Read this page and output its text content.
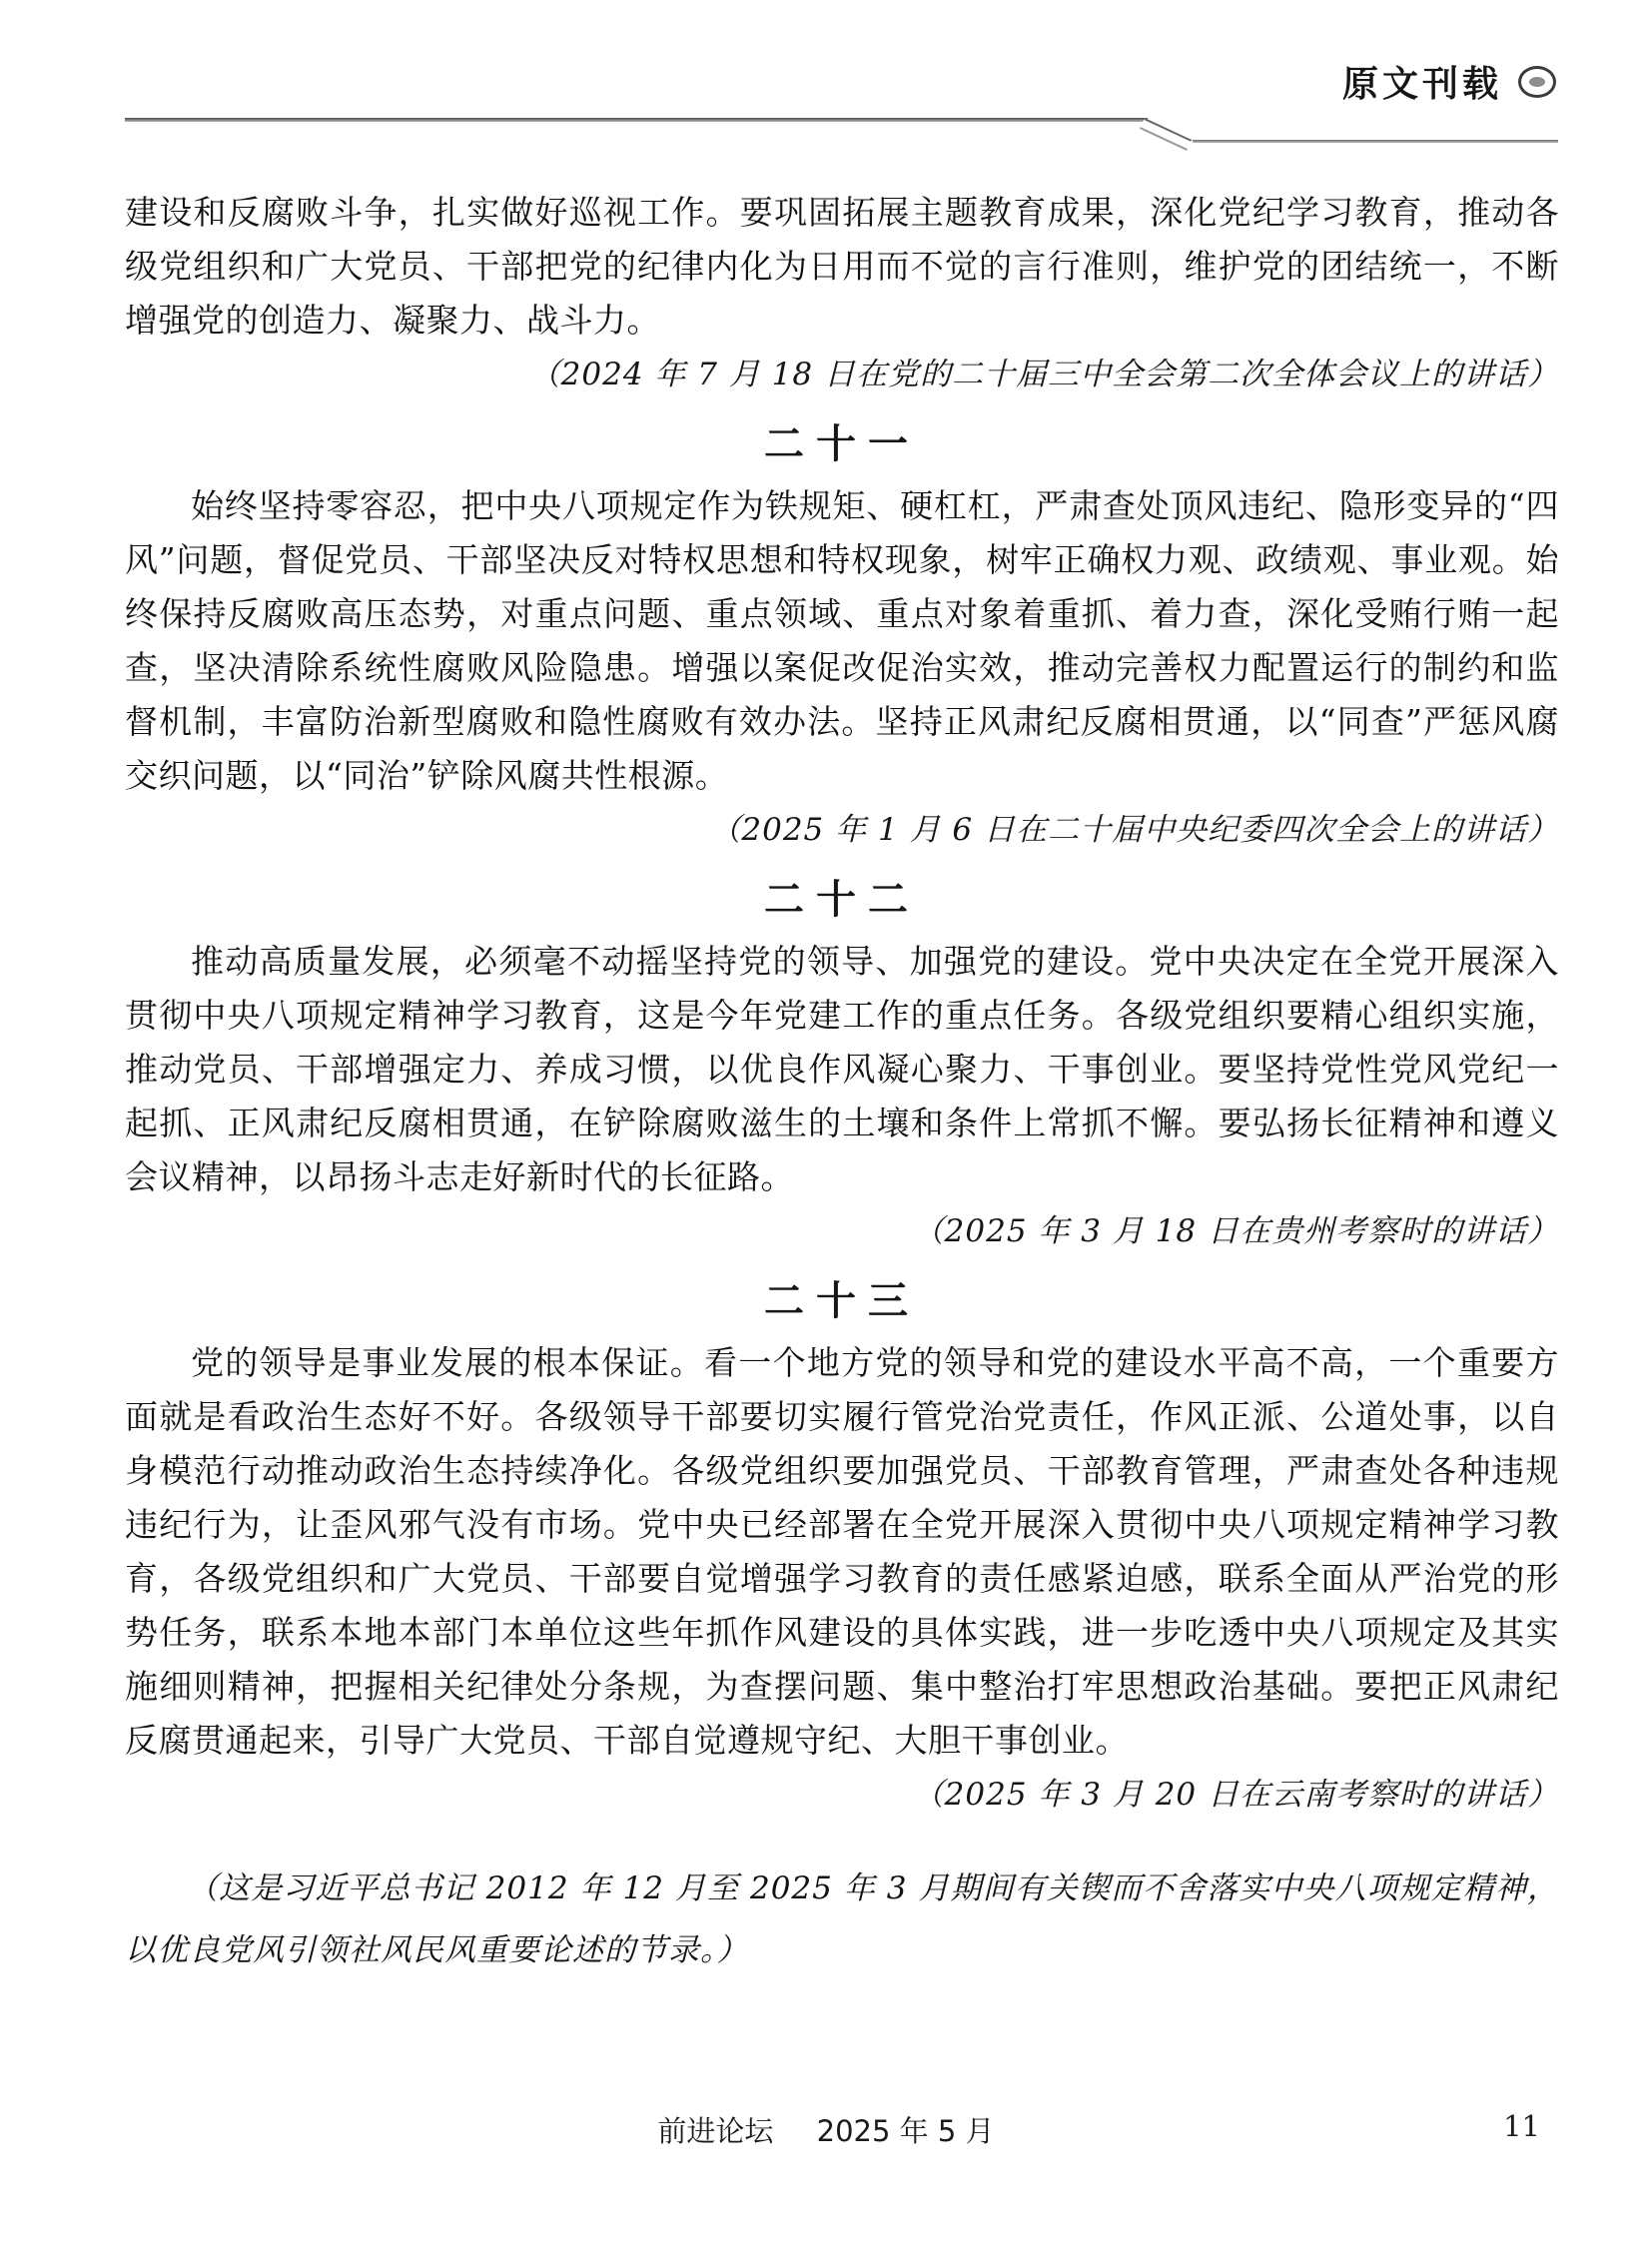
原文刊载

建设和反腐败斗争，扎实做好巡视工作。要巩固拓展主题教育成果，深化党纪学习教育，推动各级党组织和广大党员、干部把党的纪律内化为日用而不觉的言行准则，维护党的团结统一，不断增强党的创造力、凝聚力、战斗力。

（2024 年 7 月 18 日在党的二十届三中全会第二次全体会议上的讲话）

二十一

始终坚持零容忍，把中央八项规定作为铁规矩、硬杠杠，严肃查处顶风违纪、隐形变异的“四风”问题，督促党员、干部坚决反对特权思想和特权现象，树牢正确权力观、政绩观、事业观。始终保持反腐败高压态势，对重点问题、重点领域、重点对象着重抓、着力查，深化受贿行贿一起查，坚决清除系统性腐败风险隐患。增强以案促改促治实效，推动完善权力配置运行的制约和监督机制，丰富防治新型腐败和隐性腐败有效办法。坚持正风肃纪反腐相贯通，以“同查”严惩风腐交织问题，以“同治”铲除风腐共性根源。

（2025 年 1 月 6 日在二十届中央纪委四次全会上的讲话）

二十二

推动高质量发展，必须毫不动摇坚持党的领导、加强党的建设。党中央决定在全党开展深入贯彻中央八项规定精神学习教育，这是今年党建工作的重点任务。各级党组织要精心组织实施，推动党员、干部增强定力、养成习惯，以优良作风凝心聚力、干事创业。要坚持党性党风党纪一起抓、正风肃纪反腐相贯通，在铲除腐败滋生的土壤和条件上常抓不懈。要弘扬长征精神和遵义会议精神，以昂扬斗志走好新时代的长征路。

（2025 年 3 月 18 日在贵州考察时的讲话）

二十三

党的领导是事业发展的根本保证。看一个地方党的领导和党的建设水平高不高，一个重要方面就是看政治生态好不好。各级领导干部要切实履行管党治党责任，作风正派、公道处事，以自身模范行动推动政治生态持续净化。各级党组织要加强党员、干部教育管理，严肃查处各种违规违纪行为，让歪风邪气没有市场。党中央已经部署在全党开展深入贯彻中央八项规定精神学习教育，各级党组织和广大党员、干部要自觉增强学习教育的责任感紧迫感，联系全面从严治党的形势任务，联系本地本部门本单位这些年抓作风建设的具体实践，进一步吃透中央八项规定及其实施细则精神，把握相关纪律处分条规，为查摆问题、集中整治打牢思想政治基础。要把正风肃纪反腐贯通起来，引导广大党员、干部自觉遵规守纪、大胆干事创业。

（2025 年 3 月 20 日在云南考察时的讲话）

（这是习近平总书记 2012 年 12 月至 2025 年 3 月期间有关锲而不舍落实中央八项规定精神，以优良党风引领社风民风重要论述的节录。）

前进论坛 2025 年 5 月	11
